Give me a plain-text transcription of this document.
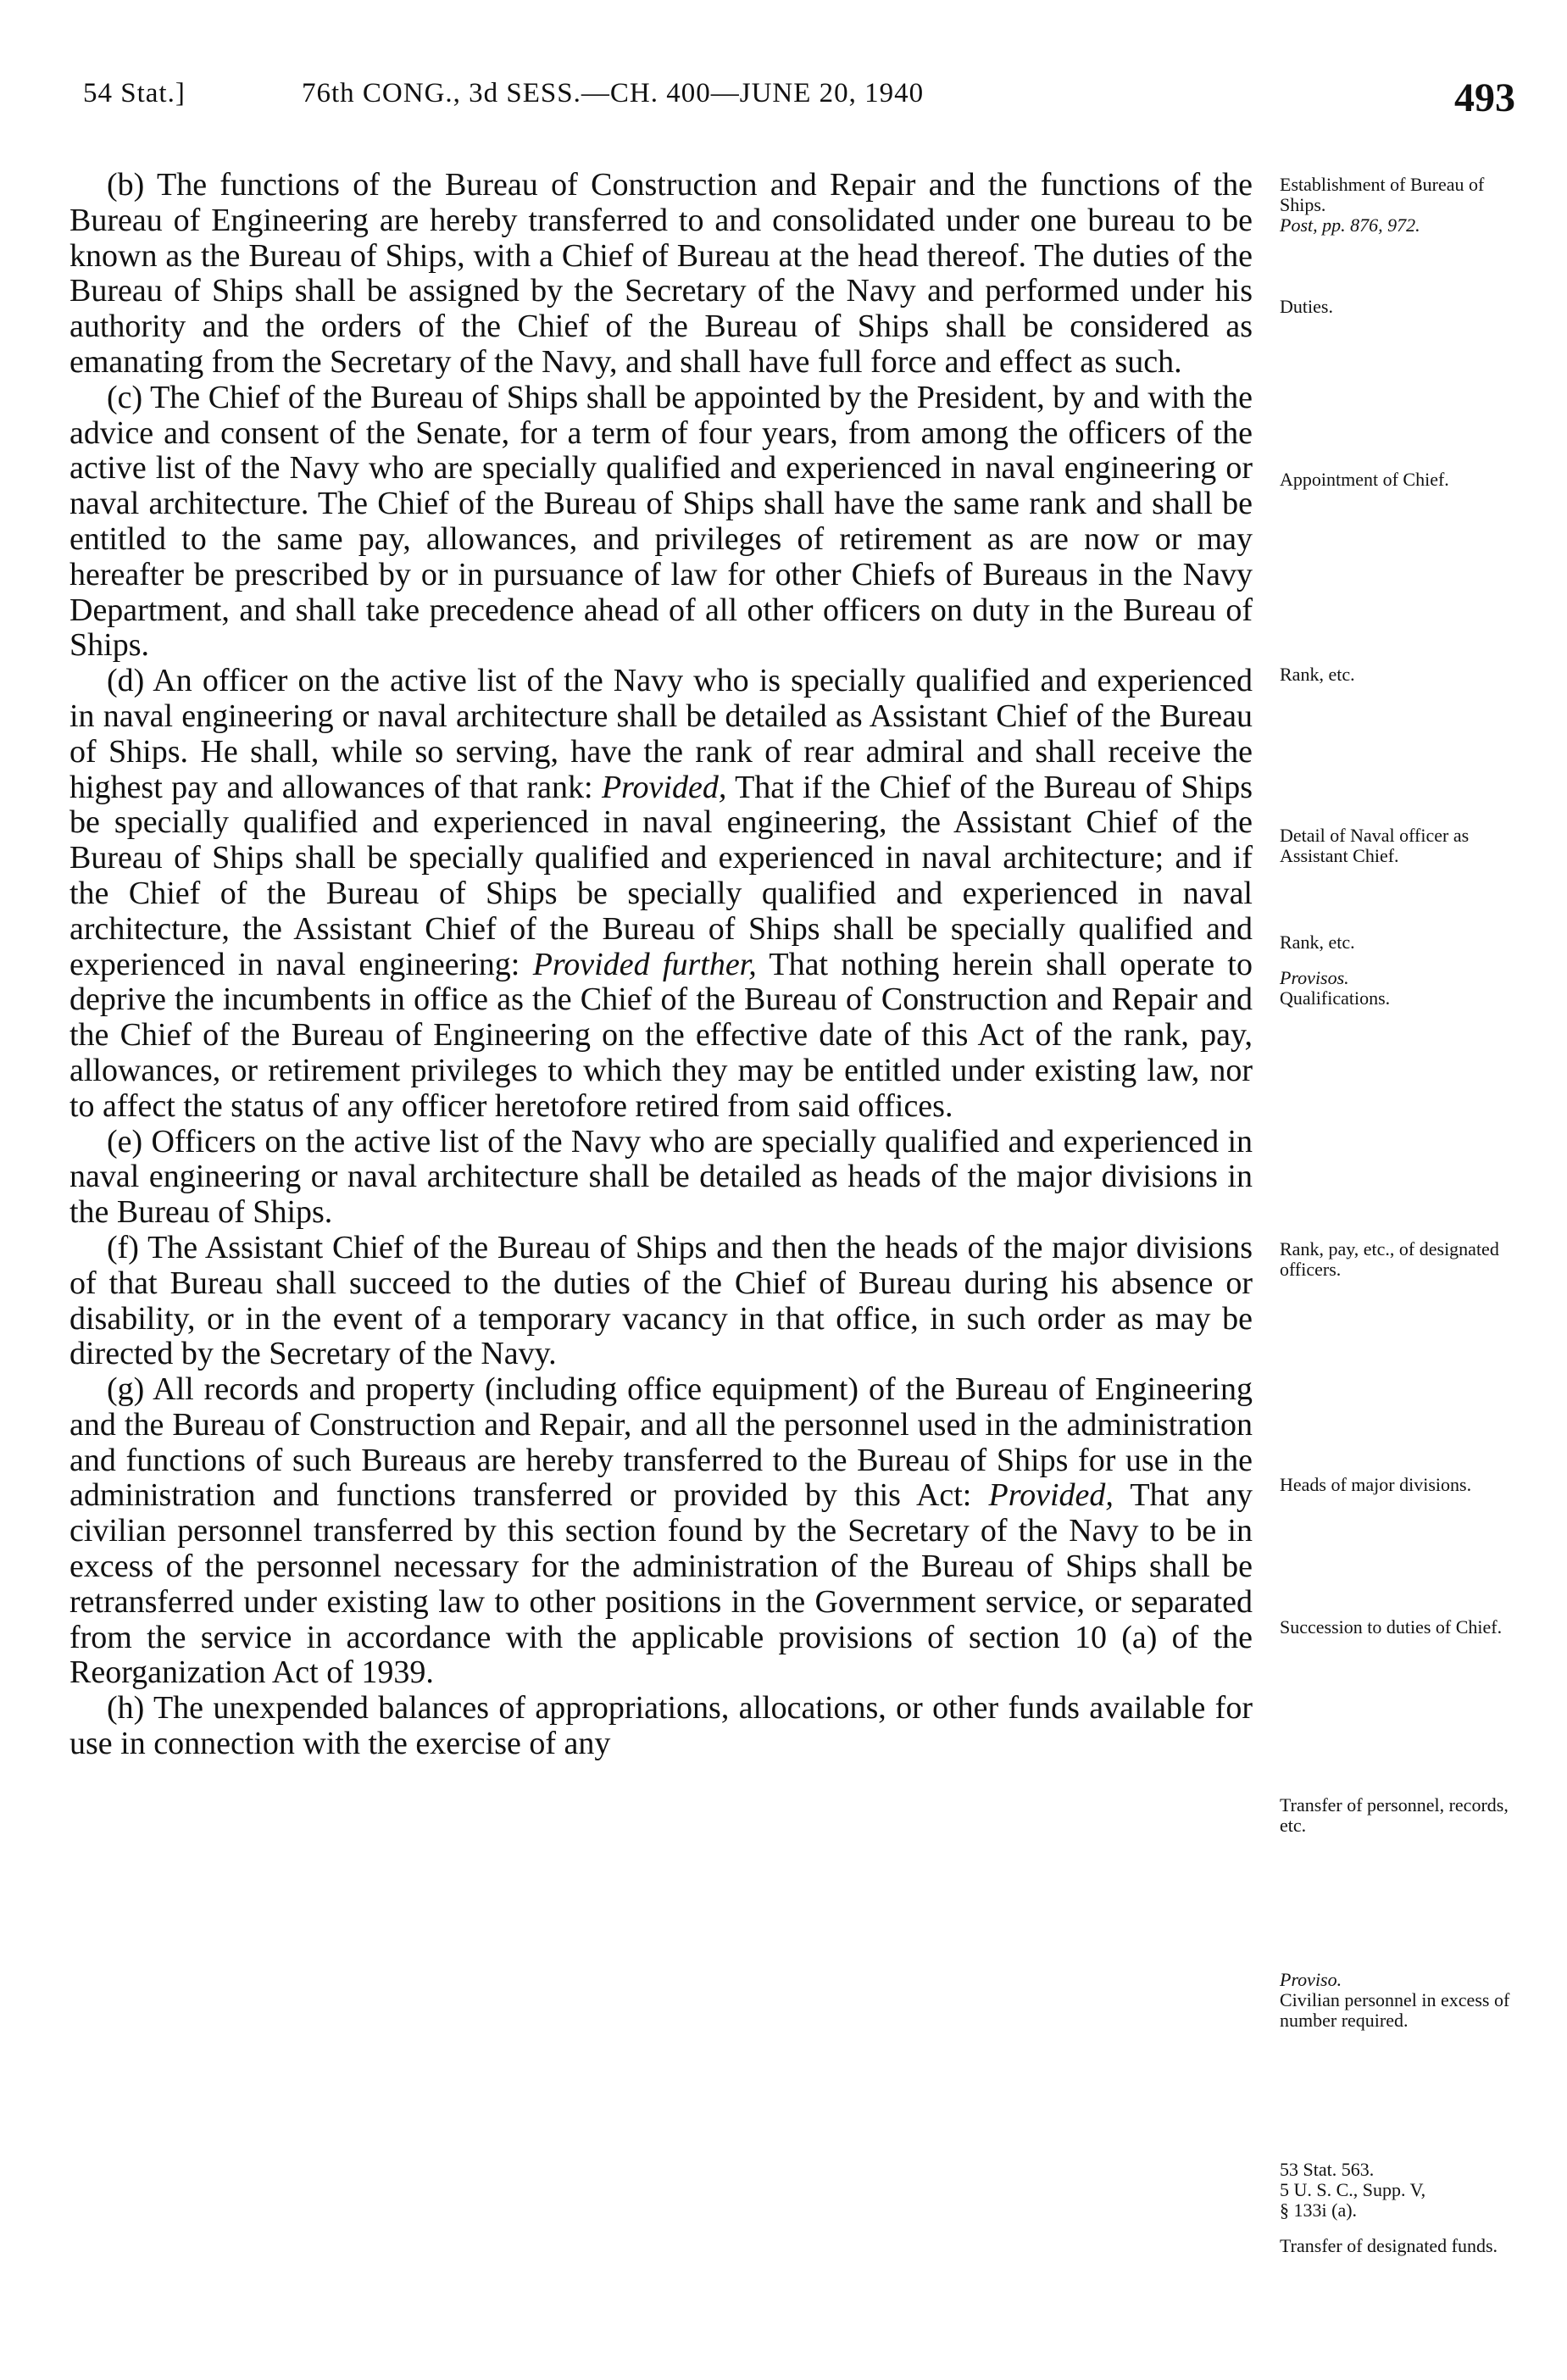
54 Stat.]	76th CONG., 3d SESS.—CH. 400—JUNE 20, 1940	493

(b) The functions of the Bureau of Construction and Repair and the functions of the Bureau of Engineering are hereby transferred to and consolidated under one bureau to be known as the Bureau of Ships, with a Chief of Bureau at the head thereof. The duties of the Bureau of Ships shall be assigned by the Secretary of the Navy and performed under his authority and the orders of the Chief of the Bureau of Ships shall be considered as emanating from the Secretary of the Navy, and shall have full force and effect as such.

(c) The Chief of the Bureau of Ships shall be appointed by the President, by and with the advice and consent of the Senate, for a term of four years, from among the officers of the active list of the Navy who are specially qualified and experienced in naval engineering or naval architecture. The Chief of the Bureau of Ships shall have the same rank and shall be entitled to the same pay, allowances, and privileges of retirement as are now or may hereafter be prescribed by or in pursuance of law for other Chiefs of Bureaus in the Navy Department, and shall take precedence ahead of all other officers on duty in the Bureau of Ships.

(d) An officer on the active list of the Navy who is specially qualified and experienced in naval engineering or naval architecture shall be detailed as Assistant Chief of the Bureau of Ships. He shall, while so serving, have the rank of rear admiral and shall receive the highest pay and allowances of that rank: Provided, That if the Chief of the Bureau of Ships be specially qualified and experienced in naval engineering, the Assistant Chief of the Bureau of Ships shall be specially qualified and experienced in naval architecture; and if the Chief of the Bureau of Ships be specially qualified and experienced in naval architecture, the Assistant Chief of the Bureau of Ships shall be specially qualified and experienced in naval engineering: Provided further, That nothing herein shall operate to deprive the incumbents in office as the Chief of the Bureau of Construction and Repair and the Chief of the Bureau of Engineering on the effective date of this Act of the rank, pay, allowances, or retirement privileges to which they may be entitled under existing law, nor to affect the status of any officer heretofore retired from said offices.

(e) Officers on the active list of the Navy who are specially qualified and experienced in naval engineering or naval architecture shall be detailed as heads of the major divisions in the Bureau of Ships.

(f) The Assistant Chief of the Bureau of Ships and then the heads of the major divisions of that Bureau shall succeed to the duties of the Chief of Bureau during his absence or disability, or in the event of a temporary vacancy in that office, in such order as may be directed by the Secretary of the Navy.

(g) All records and property (including office equipment) of the Bureau of Engineering and the Bureau of Construction and Repair, and all the personnel used in the administration and functions of such Bureaus are hereby transferred to the Bureau of Ships for use in the administration and functions transferred or provided by this Act: Provided, That any civilian personnel transferred by this section found by the Secretary of the Navy to be in excess of the personnel necessary for the administration of the Bureau of Ships shall be retransferred under existing law to other positions in the Government service, or separated from the service in accordance with the applicable provisions of section 10 (a) of the Reorganization Act of 1939.

(h) The unexpended balances of appropriations, allocations, or other funds available for use in connection with the exercise of any

Establishment of Bureau of Ships.
Post, pp. 876, 972.
Duties.
Appointment of Chief.
Rank, etc.
Detail of Naval officer as Assistant Chief.
Rank, etc.
Provisos.
Qualifications.
Rank, pay, etc., of designated officers.
Heads of major divisions.
Succession to duties of Chief.
Transfer of personnel, records, etc.
Proviso.
Civilian personnel in excess of number required.
53 Stat. 563.
5 U. S. C., Supp. V,
§ 133i (a).
Transfer of designated funds.
